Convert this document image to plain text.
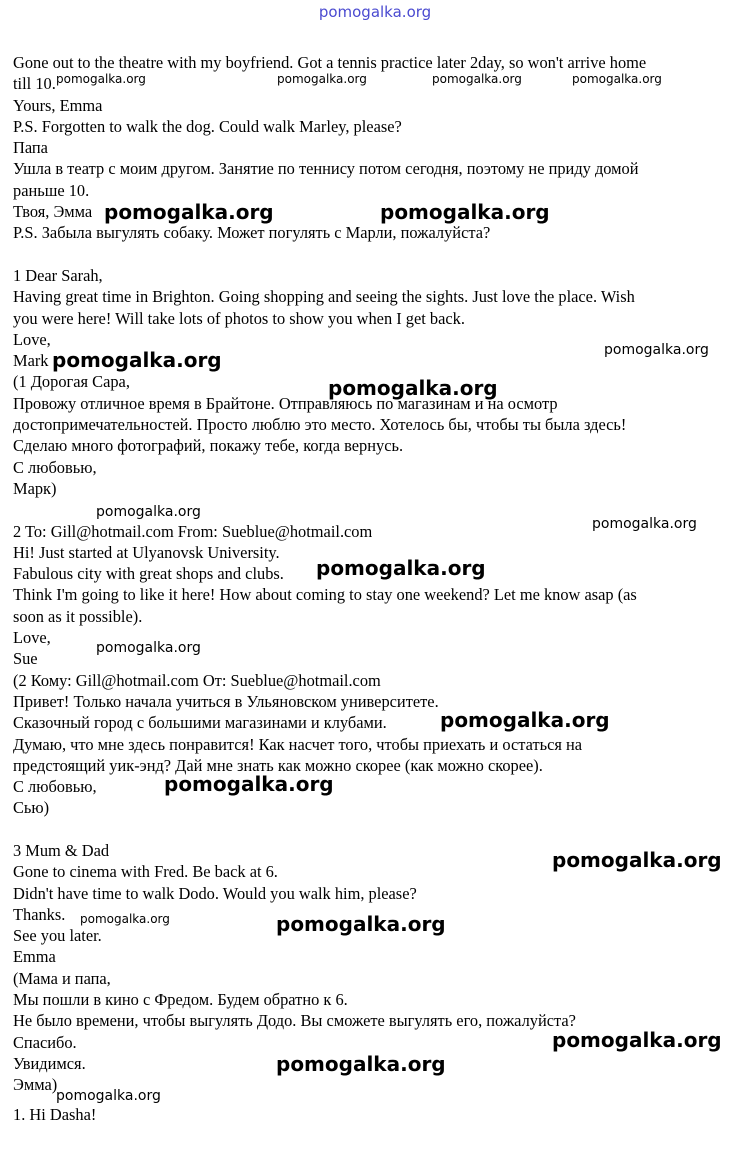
pomogalka.org
Gone out to the theatre with my boyfriend. Got a tennis practice later 2day, so won't arrive home
till 10.
Yours, Emma
P.S. Forgotten to walk the dog. Could walk Marley, please?
Папа
Ушла в театр с моим другом. Занятие по теннису потом сегодня, поэтому не приду домой
раньше 10.
Твоя, Эмма
P.S. Забыла выгулять собаку. Может погулять с Марли, пожалуйста?
1 Dear Sarah,
Having great time in Brighton. Going shopping and seeing the sights. Just love the place. Wish
you were here! Will take lots of photos to show you when I get back.
Love,
Mark
(1 Дорогая Сара,
Провожу отличное время в Брайтоне. Отправляюсь по магазинам и на осмотр
достопримечательностей. Просто люблю это место. Хотелось бы, чтобы ты была здесь!
Сделаю много фотографий, покажу тебе, когда вернусь.
С любовью,
Марк)
2 To: Gill@hotmail.com From: Sueblue@hotmail.com
Hi! Just started at Ulyanovsk University.
Fabulous city with great shops and clubs.
Think I'm going to like it here! How about coming to stay one weekend? Let me know asap (as
soon as it possible).
Love,
Sue
(2 Кому: Gill@hotmail.com От: Sueblue@hotmail.com
Привет! Только начала учиться в Ульяновском университете.
Сказочный город с большими магазинами и клубами.
Думаю, что мне здесь понравится! Как насчет того, чтобы приехать и остаться на
предстоящий уик-энд? Дай мне знать как можно скорее (как можно скорее).
С любовью,
Сью)
3 Mum & Dad
Gone to cinema with Fred. Be back at 6.
Didn't have time to walk Dodo. Would you walk him, please?
Thanks.
See you later.
Emma
(Мама и папа,
Мы пошли в кино с Фредом. Будем обратно к 6.
Не было времени, чтобы выгулять Додо. Вы сможете выгулять его, пожалуйста?
Спасибо.
Увидимся.
Эмма)
1. Hi Dasha!
pomogalka.org	pomogalka.org	pomogalka.org	pomogalka.org
pomogalka.org	pomogalka.org
pomogalka.org	pomogalka.org
pomogalka.org
pomogalka.org
pomogalka.org
pomogalka.org
pomogalka.org
pomogalka.org
pomogalka.org
pomogalka.org
pomogalka.org	pomogalka.org
pomogalka.org
pomogalka.org
pomogalka.org
